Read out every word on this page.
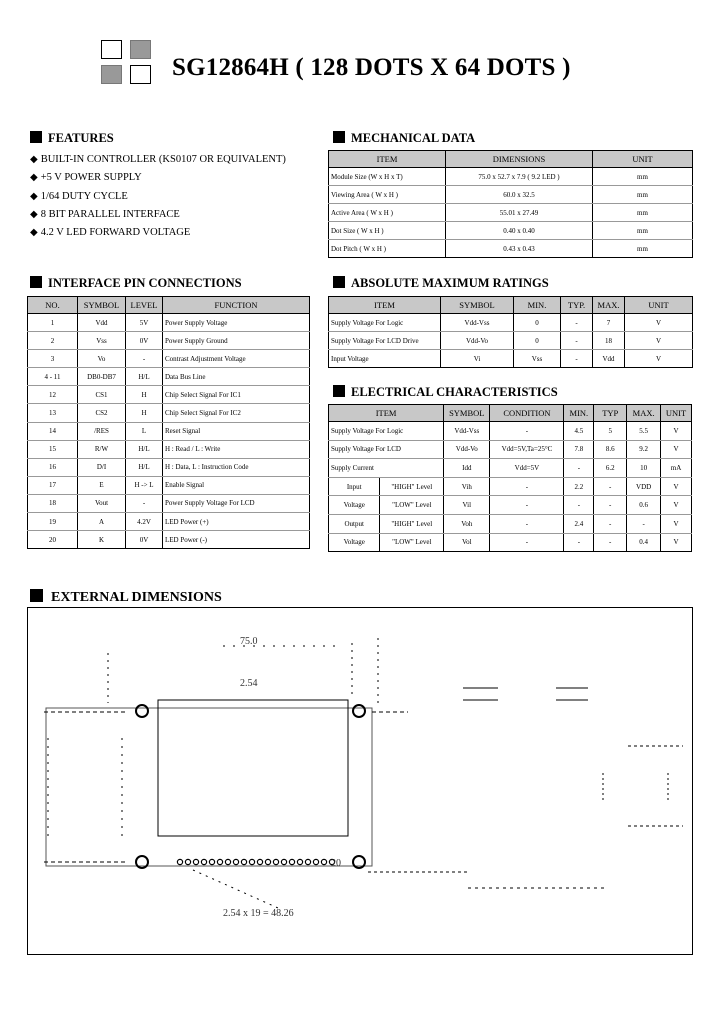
SG12864H ( 128 DOTS X 64 DOTS )
FEATURES
◆ BUILT-IN CONTROLLER (KS0107 OR EQUIVALENT)
◆ +5 V POWER SUPPLY
◆ 1/64 DUTY CYCLE
◆ 8 BIT PARALLEL INTERFACE
◆ 4.2 V LED FORWARD VOLTAGE
MECHANICAL DATA
ITEM	DIMENSIONS	UNIT
Module Size (W x H x T)	75.0 x 52.7 x 7.9 ( 9.2 LED )	mm
Viewing Area ( W x H )	60.0 x 32.5	mm
Active Area ( W x H )	55.01 x 27.49	mm
Dot Size ( W x H )	0.40 x 0.40	mm
Dot Pitch ( W x H )	0.43 x 0.43	mm
INTERFACE PIN CONNECTIONS
NO.	SYMBOL	LEVEL	FUNCTION
1	Vdd	5V	Power Supply Voltage
2	Vss	0V	Power Supply Ground
3	Vo	-	Contrast Adjustment Voltage
4 - 11	DB0-DB7	H/L	Data Bus Line
12	CS1	H	Chip Select Signal For IC1
13	CS2	H	Chip Select Signal For IC2
14	/RES	L	Reset Signal
15	R/W	H/L	H : Read / L : Write
16	D/I	H/L	H : Data, L : Instruction Code
17	E	H -> L	Enable Signal
18	Vout	-	Power Supply Voltage For LCD
19	A	4.2V	LED Power (+)
20	K	0V	LED Power (-)
ABSOLUTE MAXIMUM RATINGS
ITEM	SYMBOL	MIN.	TYP.	MAX.	UNIT
Supply Voltage For Logic	Vdd-Vss	0	-	7	V
Supply Voltage For LCD Drive	Vdd-Vo	0	-	18	V
Input Voltage	Vi	Vss	-	Vdd	V
ELECTRICAL CHARACTERISTICS
ITEM		SYMBOL	CONDITION	MIN.	TYP	MAX.	UNIT
Supply Voltage For Logic		Vdd-Vss	-	4.5	5	5.5	V
Supply Voltage For LCD		Vdd-Vo	Vdd=5V,Ta=25°C	7.8	8.6	9.2	V
Supply Current		Idd	Vdd=5V	-	6.2	10	mA
Input	"HIGH" Level	Vih	-	2.2	-	VDD	V
Voltage	"LOW" Level	Vil	-	-	-	0.6	V
Output	"HIGH" Level	Voh	-	2.4	-	-	V
Voltage	"LOW" Level	Vol	-	-	-	0.4	V
EXTERNAL DIMENSIONS
75.0
2.54
2.54 x 19 = 48.26
20
